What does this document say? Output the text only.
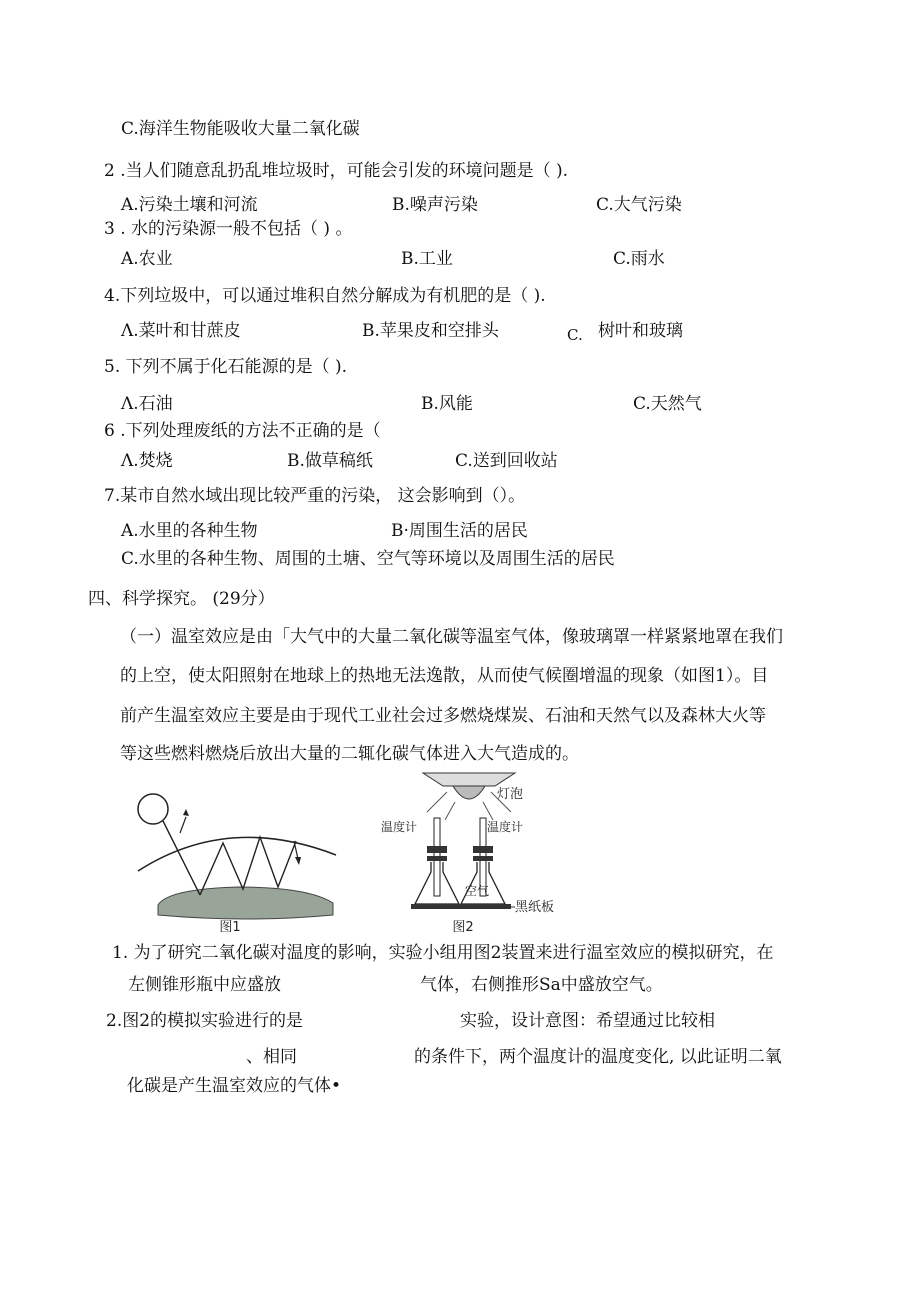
C.海洋生物能吸收大量二氧化碳
2 .当人们随意乱扔乱堆垃圾时，可能会引发的环境问题是（ ).
A.污染土壤和河流	B.噪声污染	C.大气污染
3 . 水的污染源一般不包括（ ) 。
A.农业	B.工业	C.雨水
4.下列垃圾中，可以通过堆积自然分解成为有机肥的是（ ).
Λ.菜叶和甘蔗皮	B.苹果皮和空排头	C. 树叶和玻璃
5. 下列不属于化石能源的是（ ).
Λ.石油	B.风能	C.天然气
6 .下列处理废纸的方法不正确的是（
Λ.焚烧	B.做草稿纸	C.送到回收站
7.某市自然水域出现比较严重的污染， 这会影响到（）。
A.水里的各种生物	B·周围生活的居民
C.水里的各种生物、周围的土塘、空气等环境以及周围生活的居民
四、科学探究。 (29分）
（一）温室效应是由「大气中的大量二氧化碳等温室气体，像玻璃罩一样紧紧地罩在我们
的上空，使太阳照射在地球上的热地无法逸散，从而使气候圈增温的现象（如图1）。目
前产生温室效应主要是由于现代工业社会过多燃烧煤炭、石油和天然气以及森林大火等
等这些燃料燃烧后放出大量的二辄化碳气体进入大气造成的。
图1
灯泡
温度计	温度计
空气
黑纸板
图2
1. 为了研究二氧化碳对温度的影响，实验小组用图2装置来进行温室效应的模拟研究，在
左侧锥形瓶中应盛放	气体，右侧推形Sa中盛放空气。
2.图2的模拟实验进行的是	实验，设计意图：希望通过比较相
、相同	的条件下，两个温度计的温度变化, 以此证明二氧
化碳是产生温室效应的气体•
